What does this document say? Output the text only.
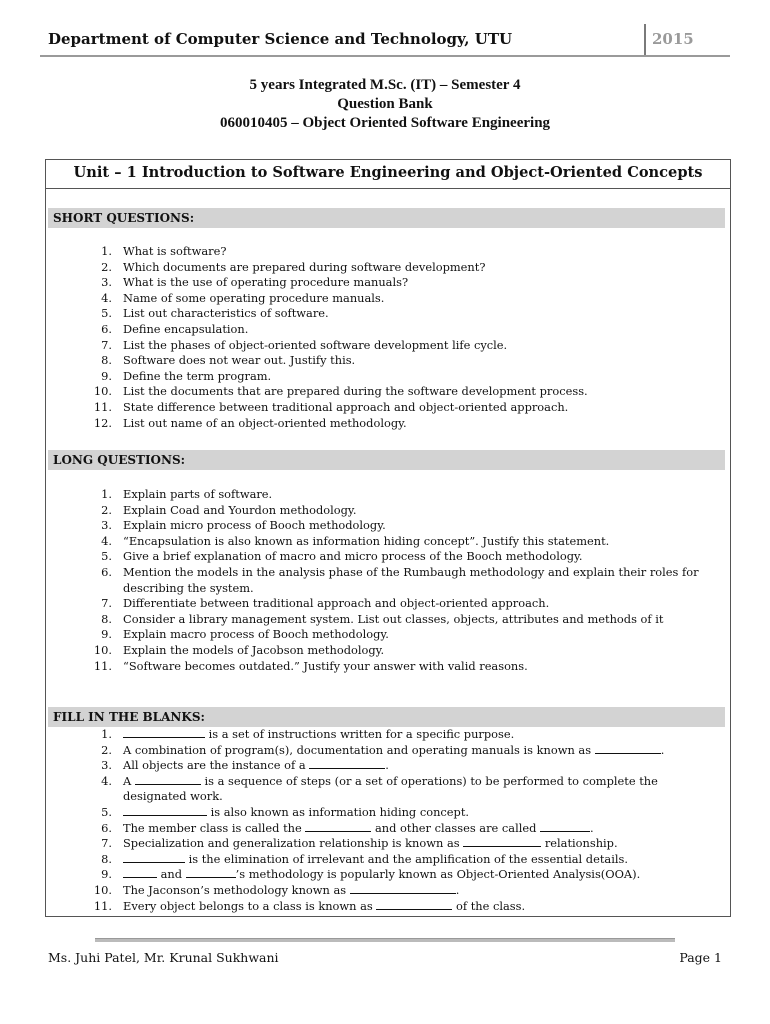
Department of Computer Science and Technology, UTU	2015
5 years Integrated M.Sc. (IT) – Semester 4
Question Bank
060010405 – Object Oriented Software Engineering
Unit – 1 Introduction to Software Engineering and Object-Oriented Concepts
SHORT QUESTIONS:
1. What is software?
2. Which documents are prepared during software development?
3. What is the use of operating procedure manuals?
4. Name of some operating procedure manuals.
5. List out characteristics of software.
6. Define encapsulation.
7. List the phases of object-oriented software development life cycle.
8. Software does not wear out. Justify this.
9. Define the term program.
10. List the documents that are prepared during the software development process.
11. State difference between traditional approach and object-oriented approach.
12. List out name of an object-oriented methodology.
LONG QUESTIONS:
1. Explain parts of software.
2. Explain Coad and Yourdon methodology.
3. Explain micro process of Booch methodology.
4. “Encapsulation is also known as information hiding concept”. Justify this statement.
5. Give a brief explanation of macro and micro process of the Booch methodology.
6. Mention the models in the analysis phase of the Rumbaugh methodology and explain their roles for describing the system.
7. Differentiate between traditional approach and object-oriented approach.
8. Consider a library management system. List out classes, objects, attributes and methods of it
9. Explain macro process of Booch methodology.
10. Explain the models of Jacobson methodology.
11. “Software becomes outdated.” Justify your answer with valid reasons.
FILL IN THE BLANKS:
1.	is a set of instructions written for a specific purpose.
2. A combination of program(s), documentation and operating manuals is known as	.
3. All objects are the instance of a	.
4. A	is a sequence of steps (or a set of operations) to be performed to complete the designated work.
5.	is also known as information hiding concept.
6. The member class is called the	and other classes are called	.
7. Specialization and generalization relationship is known as	relationship.
8.	is the elimination of irrelevant and the amplification of the essential details.
9.	and	’s methodology is popularly known as Object-Oriented Analysis(OOA).
10. The Jaconson’s methodology known as	.
11. Every object belongs to a class is known as	of the class.
Ms. Juhi Patel, Mr. Krunal Sukhwani	Page 1
